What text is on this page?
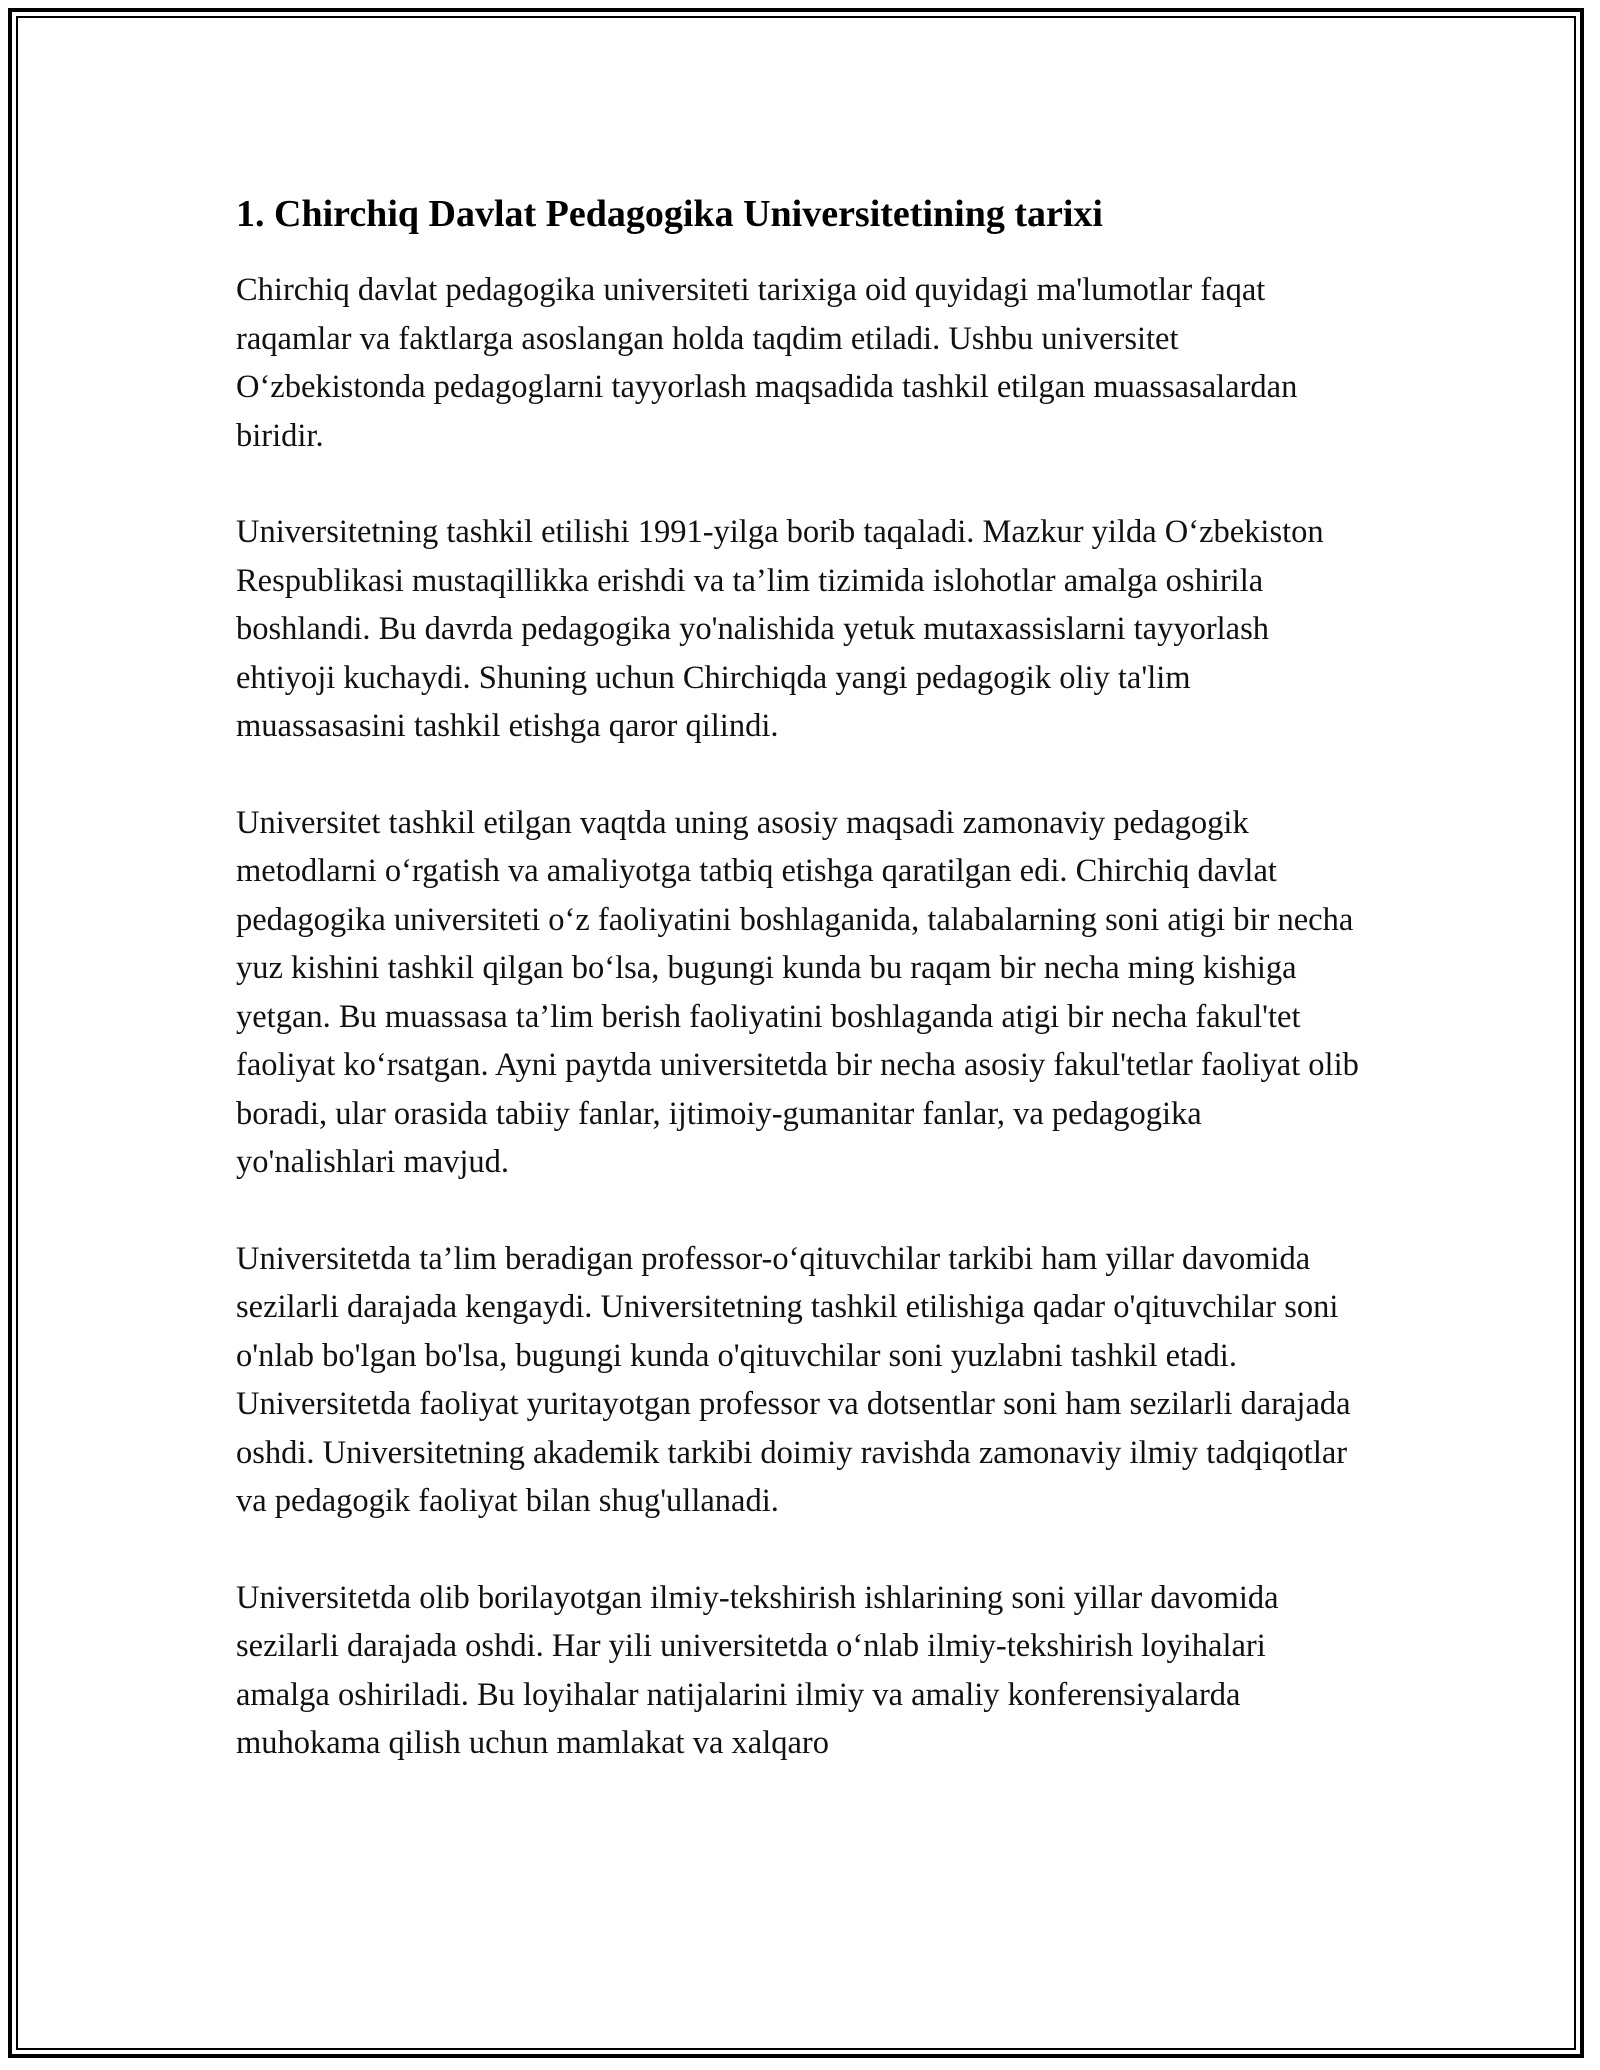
1. Chirchiq Davlat Pedagogika Universitetining tarixi

Chirchiq davlat pedagogika universiteti tarixiga oid quyidagi ma'lumotlar faqat raqamlar va faktlarga asoslangan holda taqdim etiladi. Ushbu universitet O‘zbekistonda pedagoglarni tayyorlash maqsadida tashkil etilgan muassasalardan biridir.

Universitetning tashkil etilishi 1991-yilga borib taqaladi. Mazkur yilda O‘zbekiston Respublikasi mustaqillikka erishdi va ta’lim tizimida islohotlar amalga oshirila boshlandi. Bu davrda pedagogika yo'nalishida yetuk mutaxassislarni tayyorlash ehtiyoji kuchaydi. Shuning uchun Chirchiqda yangi pedagogik oliy ta'lim muassasasini tashkil etishga qaror qilindi.

Universitet tashkil etilgan vaqtda uning asosiy maqsadi zamonaviy pedagogik metodlarni o‘rgatish va amaliyotga tatbiq etishga qaratilgan edi. Chirchiq davlat pedagogika universiteti o‘z faoliyatini boshlaganida, talabalarning soni atigi bir necha yuz kishini tashkil qilgan bo‘lsa, bugungi kunda bu raqam bir necha ming kishiga yetgan. Bu muassasa ta’lim berish faoliyatini boshlaganda atigi bir necha fakul'tet faoliyat ko‘rsatgan. Ayni paytda universitetda bir necha asosiy fakul'tetlar faoliyat olib boradi, ular orasida tabiiy fanlar, ijtimoiy-gumanitar fanlar, va pedagogika yo'nalishlari mavjud.

Universitetda ta’lim beradigan professor-o‘qituvchilar tarkibi ham yillar davomida sezilarli darajada kengaydi. Universitetning tashkil etilishiga qadar o'qituvchilar soni o'nlab bo'lgan bo'lsa, bugungi kunda o'qituvchilar soni yuzlabni tashkil etadi. Universitetda faoliyat yuritayotgan professor va dotsentlar soni ham sezilarli darajada oshdi. Universitetning akademik tarkibi doimiy ravishda zamonaviy ilmiy tadqiqotlar va pedagogik faoliyat bilan shug'ullanadi.

Universitetda olib borilayotgan ilmiy-tekshirish ishlarining soni yillar davomida sezilarli darajada oshdi. Har yili universitetda o‘nlab ilmiy-tekshirish loyihalari amalga oshiriladi. Bu loyihalar natijalarini ilmiy va amaliy konferensiyalarda muhokama qilish uchun mamlakat va xalqaro
